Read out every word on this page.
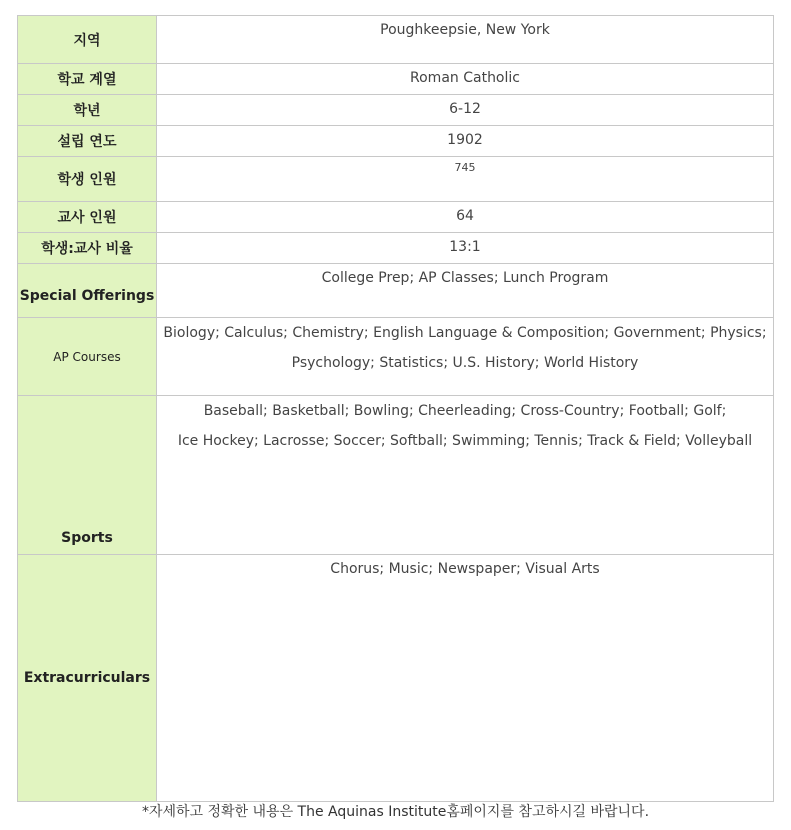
지역	Poughkeepsie, New York
학교 계열	Roman Catholic
학년	6-12
설립 연도	1902
학생 인원	745
교사 인원	64
학생:교사 비율	13:1
Special Offerings	College Prep; AP Classes; Lunch Program
AP Courses	Biology; Calculus; Chemistry; English Language & Composition; Government; Physics;
Psychology; Statistics; U.S. History; World History

Sports	Baseball; Basketball; Bowling; Cheerleading; Cross-Country; Football; Golf;
Ice Hockey; Lacrosse; Soccer; Softball; Swimming; Tennis; Track & Field; Volleyball

Extracurriculars	Chorus; Music; Newspaper; Visual Arts
*자세하고 정확한 내용은 The Aquinas Institute홈페이지를 참고하시길 바랍니다.
